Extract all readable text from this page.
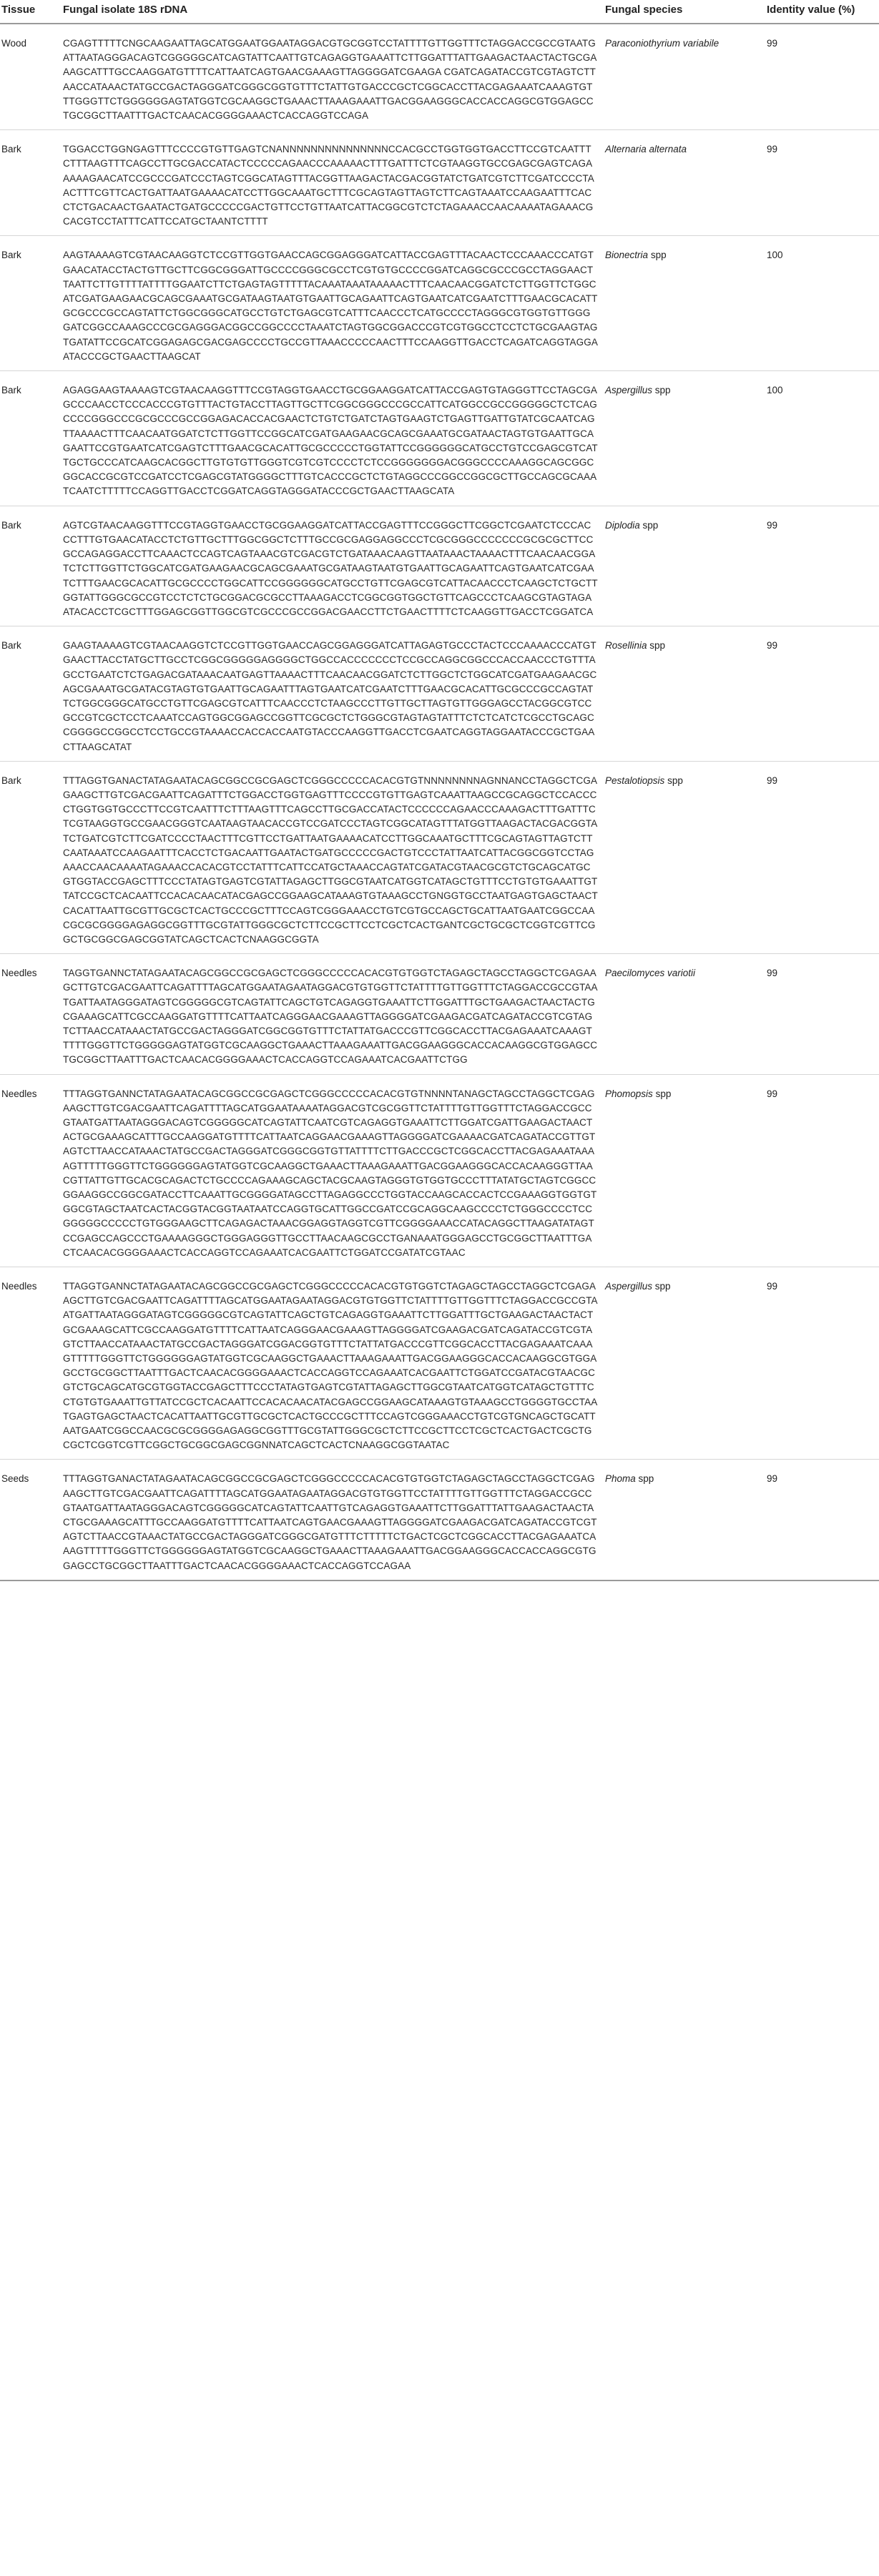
Tissue	Fungal isolate 18S rDNA	Fungal species	Identity value (%)
Wood	CGAGTTTTTCNGCAAGAATTAGCATGGAATGGAATAGGACGTGCGGTCCTATTTTGTTGGTTTCTAGGACCGCCGTAATGATTAATAGGGACAGTCGGGGGCATCAGTATTCAATTGTCAGAGGTGAAATTCTTGGATTTATTGAAGACTAACTACTGCGAAAGCATTTGCCAAGGATGTTTTCATTAATCAGTGAACGAAAGTTAGGGGATCGAAGA CGATCAGATACCGTCGTAGTCTTAACCATAAACTATGCCGACTAGGGATCGGGCGGTGTTTCTATTGTGACCCGCTCGGCACCTTACGAGAAATCAAAGTGTTTGGGTTCTGGGGGGAGTATGGTCGCAAGGCTGAAACTTAAAGAAATTGACGGAAGGGCACCACCAGGCGTGGAGCCTGCGGCTTAATTTGACTCAACACGGGGAAACTCACCAGGTCCAGA	Paraconiothyrium variabile	99
Bark	TGGACCTGGNGAGTTTCCCCGTGTTGAGTCNANNNNNNNNNNNNNNNCCACGCCTGGTGGTGACCTTCCGTCAATTTCTTTAAGTTTCAGCCTTGCGACCATACTCCCCCAGAACCCAAAAACTTTGATTTCTCGTAAGGTGCCGAGCGAGTCAGAAAAAGAACATCCGCCCGATCCCTAGTCGGCATAGTTTACGGTTAAGACTACGACGGTATCTGATCGTCTTCGATCCCCTAACTTTCGTTCACTGATTAATGAAAACATCCTTGGCAAATGCTTTCGCAGTAGTTAGTCTTCAGTAAATCCAAGAATTTCACCTCTGACAACTGAATACTGATGCCCCCGACTGTTCCTGTTAATCATTACGGCGTCTCTAGAAACCAACAAAATAGAAACGCACGTCCTATTTCATTCCATGCTAANTCTTTT	Alternaria alternata	99
Bark	AAGTAAAAGTCGTAACAAGGTCTCCGTTGGTGAACCAGCGGAGGGATCATTACCGAGTTTACAACTCCCAAACCCATGTGAACATACCTACTGTTGCTTCGGCGGGATTGCCCCGGGCGCCTCGTGTGCCCCGGATCAGGCGCCCGCCTAGGAACTTAATTCTTGTTTTATTTTGGAATCTTCTGAGTAGTTTTTACAAATAAATAAAAACTTTCAACAACGGATCTCTTGGTTCTGGCATCGATGAAGAACGCAGCGAAATGCGATAAGTAATGTGAATTGCAGAATTCAGTGAATCATCGAATCTTTGAACGCACATTGCGCCCGCCAGTATTCTGGCGGGCATGCCTGTCTGAGCGTCATTTCAACCCTCATGCCCCTAGGGCGTGGTGTTGGGGATCGGCCAAAGCCCGCGAGGGACGGCCGGCCCCTAAATCTAGTGGCGGACCCGTCGTGGCCTCCTCTGCGAAGTAGTGATATTCCGCATCGGAGAGCGACGAGCCCCTGCCGTTAAACCCCCAACTTTCCAAGGTTGACCTCAGATCAGGTAGGAATACCCGCTGAACTTAAGCAT	Bionectria spp	100
Bark	AGAGGAAGTAAAAGTCGTAACAAGGTTTCCGTAGGTGAACCTGCGGAAGGATCATTACCGAGTGTAGGGTTCCTAGCGAGCCCAACCTCCCACCCGTGTTTACTGTACCTTAGTTGCTTCGGCGGGCCCGCCATTCATGGCCGCCGGGGGCTCTCAGCCCCGGGCCCGCGCCCGCCGGAGACACCACGAACTCTGTCTGATCTAGTGAAGTCTGAGTTGATTGTATCGCAATCAGTTAAAACTTTCAACAATGGATCTCTTGGTTCCGGCATCGATGAAGAACGCAGCGAAATGCGATAACTAGTGTGAATTGCAGAATTCCGTGAATCATCGAGTCTTTGAACGCACATTGCGCCCCCTGGTATTCCGGGGGGCATGCCTGTCCGAGCGTCATTGCTGCCCATCAAGCACGGCTTGTGTGTTGGGTCGTCGTCCCCTCTCCGGGGGGGACGGGCCCCAAAGGCAGCGGCGGCACCGCGTCCGATCCTCGAGCGTATGGGGCTTTGTCACCCGCTCTGTAGGCCCGGCCGGCGCTTGCCAGCGCAAATCAATCTTTTTCCAGGTTGACCTCGGATCAGGTAGGGATACCCGCTGAACTTAAGCATA	Aspergillus spp	100
Bark	AGTCGTAACAAGGTTTCCGTAGGTGAACCTGCGGAAGGATCATTACCGAGTTTCCGGGCTTCGGCTCGAATCTCCCACCCTTTGTGAACATACCTCTGTTGCTTTGGCGGCTCTTTGCCGCGAGGAGGCCCTCGCGGGCCCCCCCGCGCGCTTCCGCCAGAGGACCTTCAAACTCCAGTCAGTAAACGTCGACGTCTGATAAACAAGTTAATAAACTAAAACTTTCAACAACGGATCTCTTGGTTCTGGCATCGATGAAGAACGCAGCGAAATGCGATAAGTAATGTGAATTGCAGAATTCAGTGAATCATCGAATCTTTGAACGCACATTGCGCCCCTGGCATTCCGGGGGGCATGCCTGTTCGAGCGTCATTACAACCCTCAAGCTCTGCTTGGTATTGGGCGCCGTCCTCTCTGCGGACGCGCCTTAAAGACCTCGGCGGTGGCTGTTCAGCCCTCAAGCGTAGTAGAATACACCTCGCTTTGGAGCGGTTGGCGTCGCCCGCCGGACGAACCTTCTGAACTTTTCTCAAGGTTGACCTCGGATCA	Diplodia spp	99
Bark	GAAGTAAAAGTCGTAACAAGGTCTCCGTTGGTGAACCAGCGGAGGGATCATTAGAGTGCCCTACTCCCAAAACCCATGTGAACTTACCTATGCTTGCCTCGGCGGGGGAGGGGCTGGCCACCCCCCCTCCGCCAGGCGGCCCACCAACCCTGTTTAGCCTGAATCTCTGAGACGATAAACAATGAGTTAAAACTTTCAACAACGGATCTCTTGGCTCTGGCATCGATGAAGAACGCAGCGAAATGCGATACGTAGTGTGAATTGCAGAATTTAGTGAATCATCGAATCTTTGAACGCACATTGCGCCCGCCAGTATTCTGGCGGGCATGCCTGTTCGAGCGTCATTTCAACCCTCTAAGCCCTTGTTGCTTAGTGTTGGGAGCCTACGGCGTCCGCCGTCGCTCCTCAAATCCAGTGGCGGAGCCGGTTCGCGCTCTGGGCGTAGTAGTATTTCTCTCATCTCGCCTGCAGCCGGGGCCGGCCTCCTGCCGTAAAACCACCACCAATGTACCCAAGGTTGACCTCGAATCAGGTAGGAATACCCGCTGAACTTAAGCATAT	Rosellinia spp	99
Bark	TTTAGGTGANACTATAGAATACAGCGGCCGCGAGCTCGGGCCCCCACACGTGTNNNNNNNNAGNNANCCTAGGCTCGAGAAGCTTGTCGACGAATTCAGATTTCTGGACCTGGTGAGTTTCCCCGTGTTGAGTCAAATTAAGCCGCAGGCTCCACCCCTGGTGGTGCCCTTCCGTCAATTTCTTTAAGTTTCAGCCTTGCGACCATACTCCCCCCAGAACCCAAAGACTTTGATTTCTCGTAAGGTGCCGAACGGGTCAATAAGTAACACCGTCCGATCCCTAGTCGGCATAGTTTATGGTTAAGACTACGACGGTATCTGATCGTCTTCGATCCCCTAACTTTCGTTCCTGATTAATGAAAACATCCTTGGCAAATGCTTTCGCAGTAGTTAGTCTTCAATAAATCCAAGAATTTCACCTCTGACAATTGAATACTGATGCCCCCGACTGTCCCTATTAATCATTACGGCGGTCCTAGAAACCAACAAAATAGAAACCACACGTCCTATTTCATTCCATGCTAAACCAGTATCGATACGTAACGCGTCTGCAGCATGCGTGGTACCGAGCTTTCCCTATAGTGAGTCGTATTAGAGCTTGGCGTAATCATGGTCATAGCTGTTTCCTGTGTGAAATTGTTATCCGCTCACAATTCCACACAACATACGAGCCGGAAGCATAAAGTGTAAAGCCTGNGGTGCCTAATGAGTGAGCTAACTCACATTAATTGCGTTGCGCTCACTGCCCGCTTTCCAGTCGGGAAACCTGTCGTGCCAGCTGCATTAATGAATCGGCCAACGCGCGGGGAGAGGCGGTTTGCGTATTGGGCGCTCTTCCGCTTCCTCGCTCACTGANTCGCTGCGCTCGGTCGTTCGGCTGCGGCGAGCGGTATCAGCTCACTCNAAGGCGGTA	Pestalotiopsis spp	99
Needles	TAGGTGANNCTATAGAATACAGCGGCCGCGAGCTCGGGCCCCCACACGTGTGGTCTAGAGCTAGCCTAGGCTCGAGAAGCTTGTCGACGAATTCAGATTTTAGCATGGAATAGAATAGGACGTGTGGTTCTATTTTGTTGGTTTCTAGGACCGCCGTAATGATTAATAGGGATAGTCGGGGGCGTCAGTATTCAGCTGTCAGAGGTGAAATTCTTGGATTTGCTGAAGACTAACTACTGCGAAAGCATTCGCCAAGGATGTTTTCATTAATCAGGGAACGAAAGTTAGGGGATCGAAGACGATCAGATACCGTCGTAGTCTTAACCATAAACTATGCCGACTAGGGATCGGCGGTGTTTCTATTATGACCCGTTCGGCACCTTACGAGAAATCAAAGTTTTTGGGTTCTGGGGGAGTATGGTCGCAAGGCTGAAACTTAAAGAAATTGACGGAAGGGCACCACAAGGCGTGGAGCCTGCGGCTTAATTTGACTCAACACGGGGAAACTCACCAGGTCCAGAAATCACGAATTCTGG	Paecilomyces variotii	99
Needles	TTTAGGTGANNCTATAGAATACAGCGGCCGCGAGCTCGGGCCCCCACACGTGTNNNNTANAGCTAGCCTAGGCTCGAGAAGCTTGTCGACGAATTCAGATTTTAGCATGGAATAAAATAGGACGTCGCGGTTCTATTTTGTTGGTTTCTAGGACCGCCGTAATGATTAATAGGGACAGTCGGGGGCATCAGTATTCAATCGTCAGAGGTGAAATTCTTGGATCGATTGAAGACTAACTACTGCGAAAGCATTTGCCAAGGATGTTTTCATTAATCAGGAACGAAAGTTAGGGGATCGAAAACGATCAGATACCGTTGTAGTCTTAACCATAAACTATGCCGACTAGGGATCGGGCGGTGTTATTTTCTTGACCCGCTCGGCACCTTACGAGAAATAAAAGTTTTTGGGTTCTGGGGGGAGTATGGTCGCAAGGCTGAAACTTAAAGAAATTGACGGAAGGGCACCACAAGGGTTAACGTTATTGTTGCACGCAGACTCTGCCCCAGAAAGCAGCTACGCAAGTAGGGTGTGGTGCCCTTTATATGCTAGTCGGCCGGAAGGCCGGCGATACCTTCAAATTGCGGGGATAGCCTTAGAGGCCCTGGTACCAAGCACCACTCCGAAAGGTGGTGTGGCGTAGCTAATCACTACGGTACGGTAATAATCCAGGTGCATTGGCCGATCCGCAGGCAAGCCCCTCTGGGCCCCTCCGGGGGCCCCCTGTGGGAAGCTTCAGAGACTAAACGGAGGTAGGTCGTTCGGGGAAACCATACAGGCTTAAGATATAGTCCGAGCCAGCCCTGAAAAGGGCTGGGAGGGTTGCCTTAACAAGCGCCTGANAAATGGGAGCCTGCGGCTTAATTTGACTCAACACGGGGAAACTCACCAGGTCCAGAAATCACGAATTCTGGATCCGATATCGTAAC	Phomopsis spp	99
Needles	TTAGGTGANNCTATAGAATACAGCGGCCGCGAGCTCGGGCCCCCACACGTGTGGTCTAGAGCTAGCCTAGGCTCGAGAAGCTTGTCGACGAATTCAGATTTTAGCATGGAATAGAATAGGACGTGTGGTTCTATTTTGTTGGTTTCTAGGACCGCCGTAATGATTAATAGGGATAGTCGGGGGCGTCAGTATTCAGCTGTCAGAGGTGAAATTCTTGGATTTGCTGAAGACTAACTACTGCGAAAGCATTCGCCAAGGATGTTTTCATTAATCAGGGAACGAAAGTTAGGGGATCGAAGACGATCAGATACCGTCGTAGTCTTAACCATAAACTATGCCGACTAGGGATCGGACGGTGTTTCTATTATGACCCGTTCGGCACCTTACGAGAAATCAAAGTTTTTGGGTTCTGGGGGGAGTATGGTCGCAAGGCTGAAACTTAAAGAAATTGACGGAAGGGCACCACAAGGCGTGGAGCCTGCGGCTTAATTTGACTCAACACGGGGAAACTCACCAGGTCCAGAAATCACGAATTCTGGATCCGATACGTAACGCGTCTGCAGCATGCGTGGTACCGAGCTTTCCCTATAGTGAGTCGTATTAGAGCTTGGCGTAATCATGGTCATAGCTGTTTCCTGTGTGAAATTGTTATCCGCTCACAATTCCACACAACATACGAGCCGGAAGCATAAAGTGTAAAGCCTGGGGTGCCTAATGAGTGAGCTAACTCACATTAATTGCGTTGCGCTCACTGCCCGCTTTCCAGTCGGGAAACCTGTCGTGNCAGCTGCATTAATGAATCGGCCAACGCGCGGGGAGAGGCGGTTTGCGTATTGGGCGCTCTTCCGCTTCCTCGCTCACTGACTCGCTGCGCTCGGTCGTTCGGCTGCGGCGAGCGGNNATCAGCTCACTCNAAGGCGGTAATAC	Aspergillus spp	99
Seeds	TTTAGGTGANACTATAGAATACAGCGGCCGCGAGCTCGGGCCCCCACACGTGTGGTCTAGAGCTAGCCTAGGCTCGAGAAGCTTGTCGACGAATTCAGATTTTAGCATGGAATAGAATAGGACGTGTGGTTCCTATTTTGTTGGTTTCTAGGACCGCCGTAATGATTAATAGGGACAGTCGGGGGCATCAGTATTCAATTGTCAGAGGTGAAATTCTTGGATTTATTGAAGACTAACTACTGCGAAAGCATTTGCCAAGGATGTTTTCATTAATCAGTGAACGAAAGTTAGGGGATCGAAGACGATCAGATACCGTCGTAGTCTTAACCGTAAACTATGCCGACTAGGGATCGGGCGATGTTTCTTTTTCTGACTCGCTCGGCACCTTACGAGAAATCAAAGTTTTTGGGTTCTGGGGGGAGTATGGTCGCAAGGCTGAAACTTAAAGAAATTGACGGAAGGGCACCACCAGGCGTGGAGCCTGCGGCTTAATTTGACTCAACACGGGGAAACTCACCAGGTCCAGAA	Phoma spp	99
